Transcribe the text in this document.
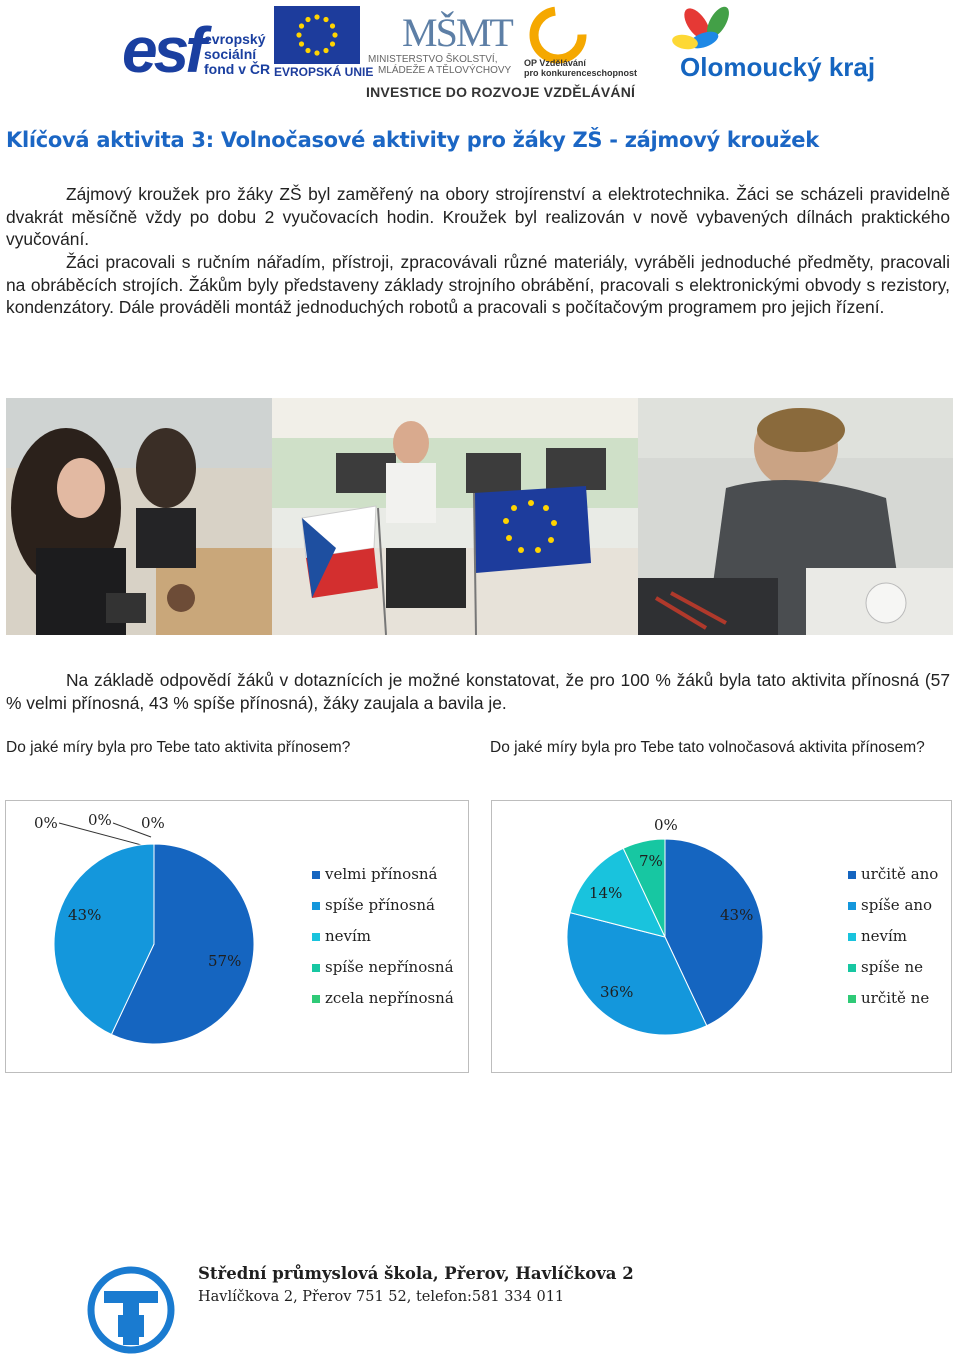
esf evropský
sociální
fond v ČR EVROPSKÁ UNIE
MŠMT
MINISTERSTVO ŠKOLSTVÍ,
MLÁDEŽE A TĚLOVÝCHOVY
OP Vzdělávání
pro konkurenceschopnost Olomoucký kraj
INVESTICE DO ROZVOJE VZDĚLÁVÁNÍ
Klíčová aktivita 3: Volnočasové aktivity pro žáky ZŠ - zájmový kroužek
Zájmový kroužek pro žáky ZŠ byl zaměřený na obory strojírenství a elektrotechnika. Žáci se scházeli pravidelně dvakrát měsíčně vždy po dobu 2 vyučovacích hodin. Kroužek byl realizován v nově vybavených dílnách praktického vyučování.
Žáci pracovali s ručním nářadím, přístroji, zpracovávali různé materiály, vyráběli jednoduché předměty, pracovali na obráběcích strojích. Žákům byly představeny základy strojního obrábění, pracovali s elektronickými obvody s rezistory, kondenzátory. Dále prováděli montáž jednoduchých robotů a pracovali s počítačovým programem pro jejich řízení.
Na základě odpovědí žáků v dotaznících je možné konstatovat, že pro 100 % žáků byla tato aktivita přínosná (57 % velmi přínosná, 43 % spíše přínosná), žáky zaujala a bavila je.
Do jaké míry byla pro Tebe tato aktivita přínosem?	Do jaké míry byla pro Tebe tato volnočasová aktivita přínosem?
57%
43%
0% 0% 0%
velmi přínosná
spíše přínosná
nevím
spíše nepřínosná
zcela nepřínosná
43%
36%
14%
7%
0%
určitě ano
spíše ano
nevím
spíše ne
určitě ne
Střední průmyslová škola, Přerov, Havlíčkova 2
Havlíčkova 2, Přerov 751 52, telefon:581 334 011
